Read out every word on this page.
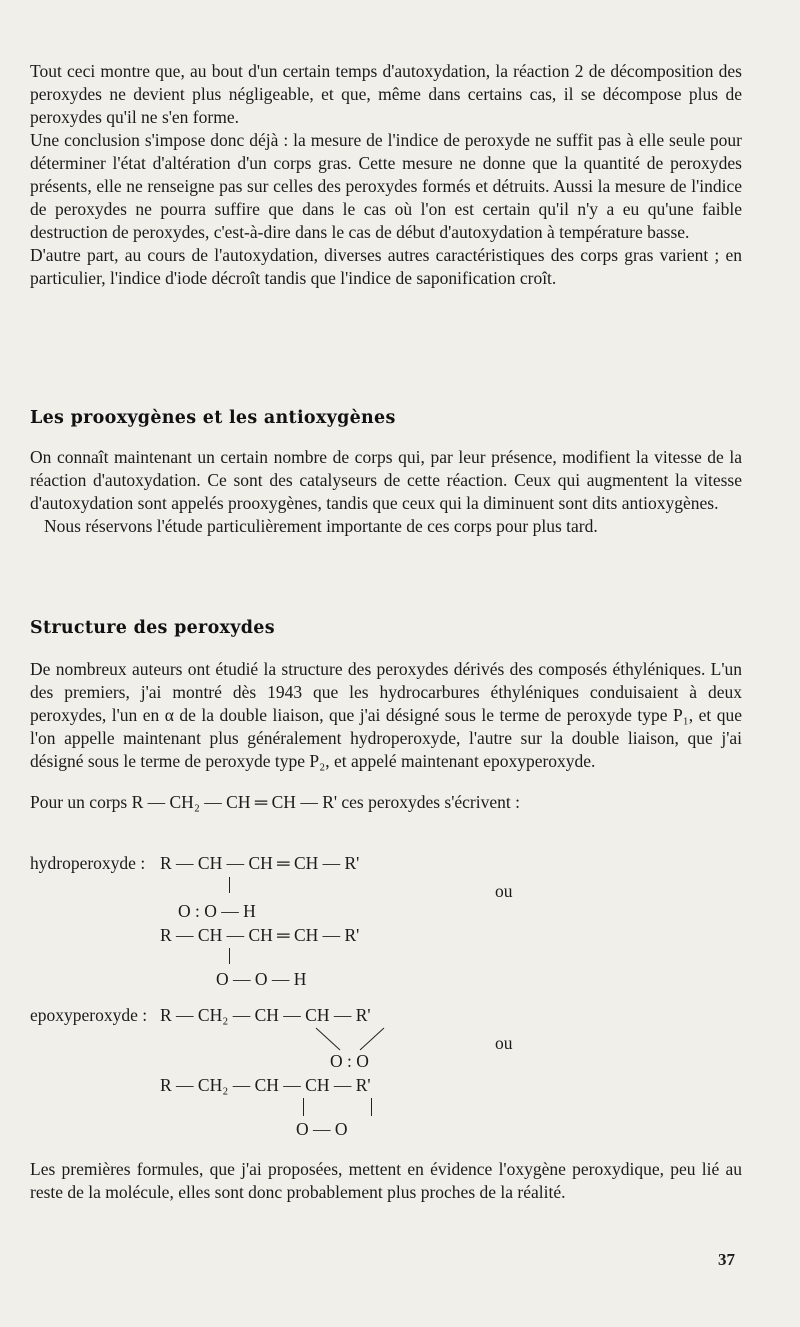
Tout ceci montre que, au bout d'un certain temps d'autoxydation, la réaction 2 de décomposition des peroxydes ne devient plus négligeable, et que, même dans certains cas, il se décompose plus de peroxydes qu'il ne s'en forme.

Une conclusion s'impose donc déjà : la mesure de l'indice de peroxyde ne suffit pas à elle seule pour déterminer l'état d'altération d'un corps gras. Cette mesure ne donne que la quantité de peroxydes présents, elle ne renseigne pas sur celles des peroxydes formés et détruits. Aussi la mesure de l'indice de peroxydes ne pourra suffire que dans le cas où l'on est certain qu'il n'y a eu qu'une faible destruction de peroxydes, c'est-à-dire dans le cas de début d'autoxydation à température basse.

D'autre part, au cours de l'autoxydation, diverses autres caractéristiques des corps gras varient ; en particulier, l'indice d'iode décroît tandis que l'indice de saponification croît.

Les prooxygènes et les antioxygènes

On connaît maintenant un certain nombre de corps qui, par leur présence, modifient la vitesse de la réaction d'autoxydation. Ce sont des catalyseurs de cette réaction. Ceux qui augmentent la vitesse d'autoxydation sont appelés prooxygènes, tandis que ceux qui la diminuent sont dits antioxygènes.

Nous réservons l'étude particulièrement importante de ces corps pour plus tard.

Structure des peroxydes

De nombreux auteurs ont étudié la structure des peroxydes dérivés des composés éthyléniques. L'un des premiers, j'ai montré dès 1943 que les hydrocarbures éthyléniques conduisaient à deux peroxydes, l'un en α de la double liaison, que j'ai désigné sous le terme de peroxyde type P₁, et que l'on appelle maintenant plus généralement hydroperoxyde, l'autre sur la double liaison, que j'ai désigné sous le terme de peroxyde type P₂, et appelé maintenant epoxyperoxyde.

Pour un corps R — CH₂ — CH ═ CH — R' ces peroxydes s'écrivent :

hydroperoxyde : R — CH — CH ═ CH — R'
ou
O : O — H
R — CH — CH ═ CH — R'
O — O — H
epoxyperoxyde : R — CH₂ — CH — CH — R'
ou
O : O
R — CH₂ — CH — CH — R'
O — O

Les premières formules, que j'ai proposées, mettent en évidence l'oxygène peroxydique, peu lié au reste de la molécule, elles sont donc probablement plus proches de la réalité.

37
